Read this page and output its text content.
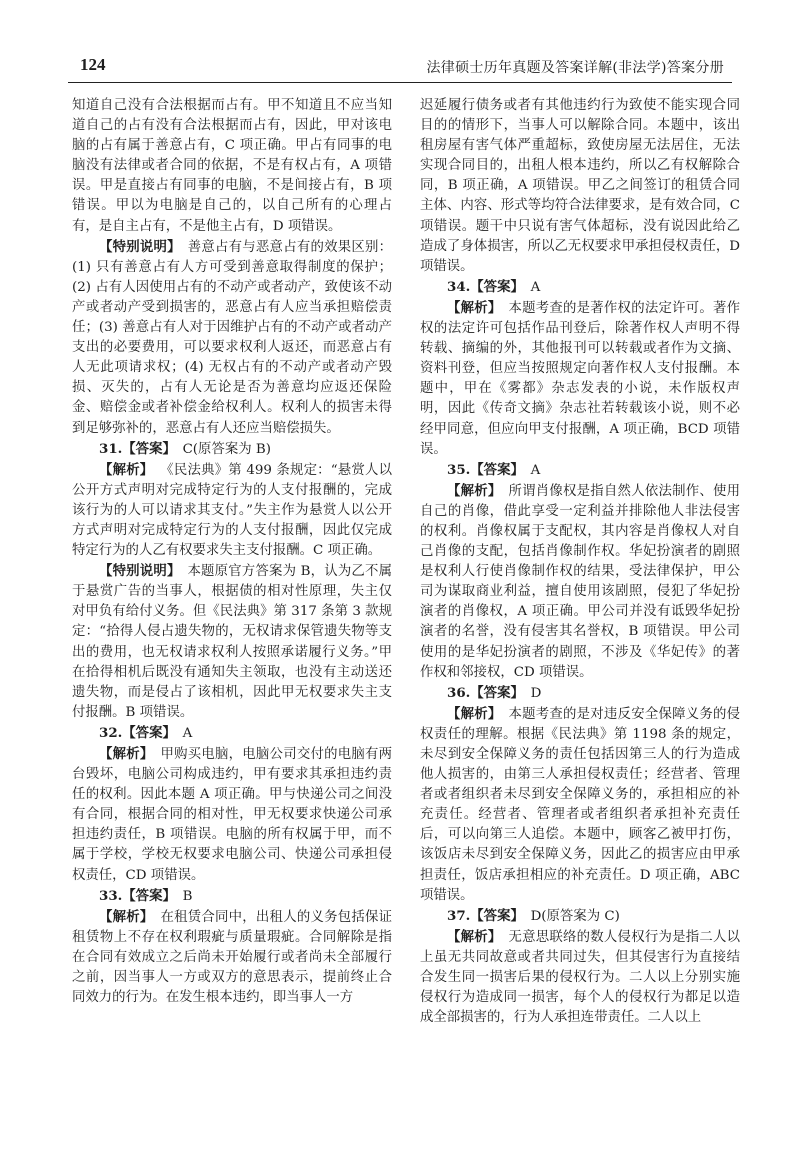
124	法律硕士历年真题及答案详解(非法学)答案分册

知道自己没有合法根据而占有。甲不知道且不应当知道自己的占有没有合法根据而占有，因此，甲对该电脑的占有属于善意占有，C 项正确。甲占有同事的电脑没有法律或者合同的依据，不是有权占有，A 项错误。甲是直接占有同事的电脑，不是间接占有，B 项错误。甲以为电脑是自己的，以自己所有的心理占有，是自主占有，不是他主占有，D 项错误。

【特别说明】  善意占有与恶意占有的效果区别：(1) 只有善意占有人方可受到善意取得制度的保护；(2) 占有人因使用占有的不动产或者动产，致使该不动产或者动产受到损害的，恶意占有人应当承担赔偿责任；(3) 善意占有人对于因维护占有的不动产或者动产支出的必要费用，可以要求权利人返还，而恶意占有人无此项请求权；(4) 无权占有的不动产或者动产毁损、灭失的，占有人无论是否为善意均应返还保险金、赔偿金或者补偿金给权利人。权利人的损害未得到足够弥补的，恶意占有人还应当赔偿损失。

31.【答案】  C(原答案为 B)

【解析】  《民法典》第 499 条规定：“悬赏人以公开方式声明对完成特定行为的人支付报酬的，完成该行为的人可以请求其支付。”失主作为悬赏人以公开方式声明对完成特定行为的人支付报酬，因此仅完成特定行为的人乙有权要求失主支付报酬。C 项正确。

【特别说明】  本题原官方答案为 B，认为乙不属于悬赏广告的当事人，根据债的相对性原理，失主仅对甲负有给付义务。但《民法典》第 317 条第 3 款规定：“拾得人侵占遗失物的，无权请求保管遗失物等支出的费用，也无权请求权利人按照承诺履行义务。”甲在拾得相机后既没有通知失主领取，也没有主动送还遗失物，而是侵占了该相机，因此甲无权要求失主支付报酬。B 项错误。

32.【答案】  A

【解析】  甲购买电脑，电脑公司交付的电脑有两台毁坏，电脑公司构成违约，甲有要求其承担违约责任的权利。因此本题 A 项正确。甲与快递公司之间没有合同，根据合同的相对性，甲无权要求快递公司承担违约责任，B 项错误。电脑的所有权属于甲，而不属于学校，学校无权要求电脑公司、快递公司承担侵权责任，CD 项错误。

33.【答案】  B

【解析】  在租赁合同中，出租人的义务包括保证租赁物上不存在权利瑕疵与质量瑕疵。合同解除是指在合同有效成立之后尚未开始履行或者尚未全部履行之前，因当事人一方或双方的意思表示，提前终止合同效力的行为。在发生根本违约，即当事人一方

迟延履行债务或者有其他违约行为致使不能实现合同目的的情形下，当事人可以解除合同。本题中，该出租房屋有害气体严重超标，致使房屋无法居住，无法实现合同目的，出租人根本违约，所以乙有权解除合同，B 项正确，A 项错误。甲乙之间签订的租赁合同主体、内容、形式等均符合法律要求，是有效合同，C 项错误。题干中只说有害气体超标，没有说因此给乙造成了身体损害，所以乙无权要求甲承担侵权责任，D 项错误。

34.【答案】  A

【解析】  本题考查的是著作权的法定许可。著作权的法定许可包括作品刊登后，除著作权人声明不得转载、摘编的外，其他报刊可以转载或者作为文摘、资料刊登，但应当按照规定向著作权人支付报酬。本题中，甲在《雾都》杂志发表的小说，未作版权声明，因此《传奇文摘》杂志社若转载该小说，则不必经甲同意，但应向甲支付报酬，A 项正确，BCD 项错误。

35.【答案】  A

【解析】  所谓肖像权是指自然人依法制作、使用自己的肖像，借此享受一定利益并排除他人非法侵害的权利。肖像权属于支配权，其内容是肖像权人对自己肖像的支配，包括肖像制作权。华妃扮演者的剧照是权利人行使肖像制作权的结果，受法律保护，甲公司为谋取商业利益，擅自使用该剧照，侵犯了华妃扮演者的肖像权，A 项正确。甲公司并没有诋毁华妃扮演者的名誉，没有侵害其名誉权，B 项错误。甲公司使用的是华妃扮演者的剧照，不涉及《华妃传》的著作权和邻接权，CD 项错误。

36.【答案】  D

【解析】  本题考查的是对违反安全保障义务的侵权责任的理解。根据《民法典》第 1198 条的规定，未尽到安全保障义务的责任包括因第三人的行为造成他人损害的，由第三人承担侵权责任；经营者、管理者或者组织者未尽到安全保障义务的，承担相应的补充责任。经营者、管理者或者组织者承担补充责任后，可以向第三人追偿。本题中，顾客乙被甲打伤，该饭店未尽到安全保障义务，因此乙的损害应由甲承担责任，饭店承担相应的补充责任。D 项正确，ABC 项错误。

37.【答案】  D(原答案为 C)

【解析】  无意思联络的数人侵权行为是指二人以上虽无共同故意或者共同过失，但其侵害行为直接结合发生同一损害后果的侵权行为。二人以上分别实施侵权行为造成同一损害，每个人的侵权行为都足以造成全部损害的，行为人承担连带责任。二人以上
